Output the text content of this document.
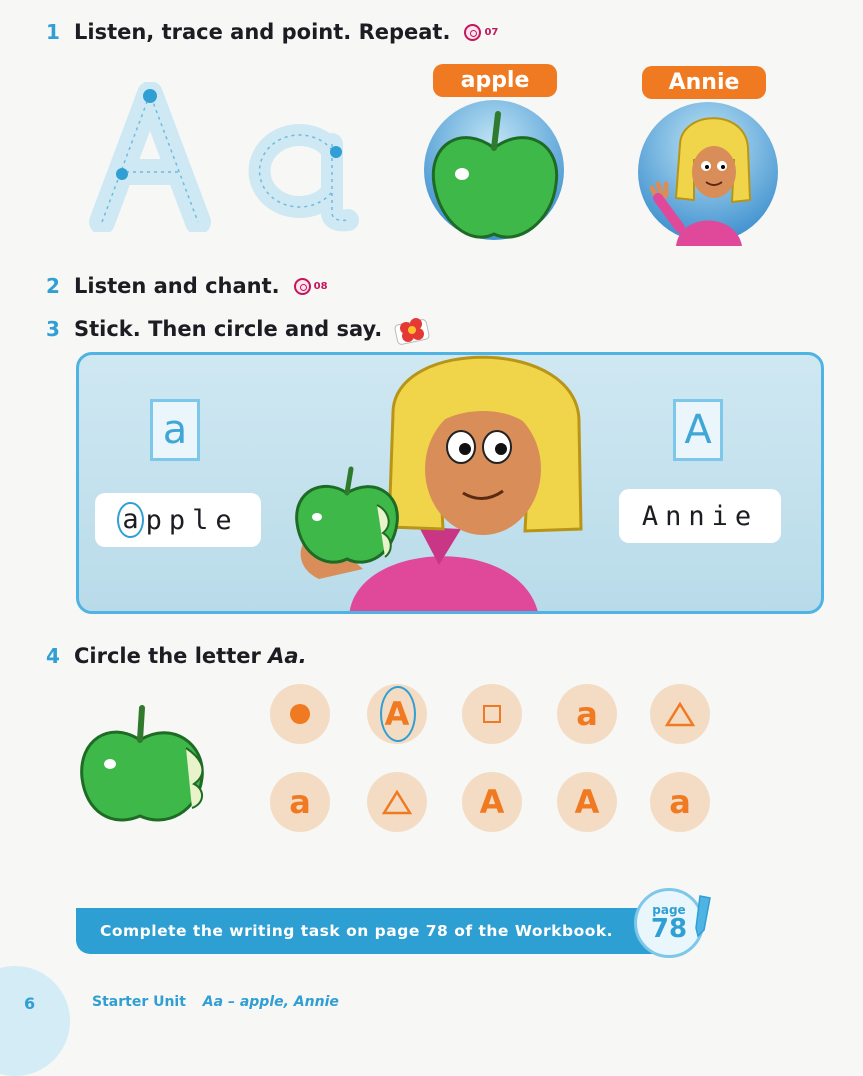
1 Listen, trace and point. Repeat.	07
apple	Annie
2 Listen and chant.	08
3 Stick. Then circle and say.
a	A
a pple	Annie
4 Circle the letter Aa.
A	a
a	A	A	a
Complete the writing task on page 78 of the Workbook.
page
78
6	Starter Unit Aa – apple, Annie
